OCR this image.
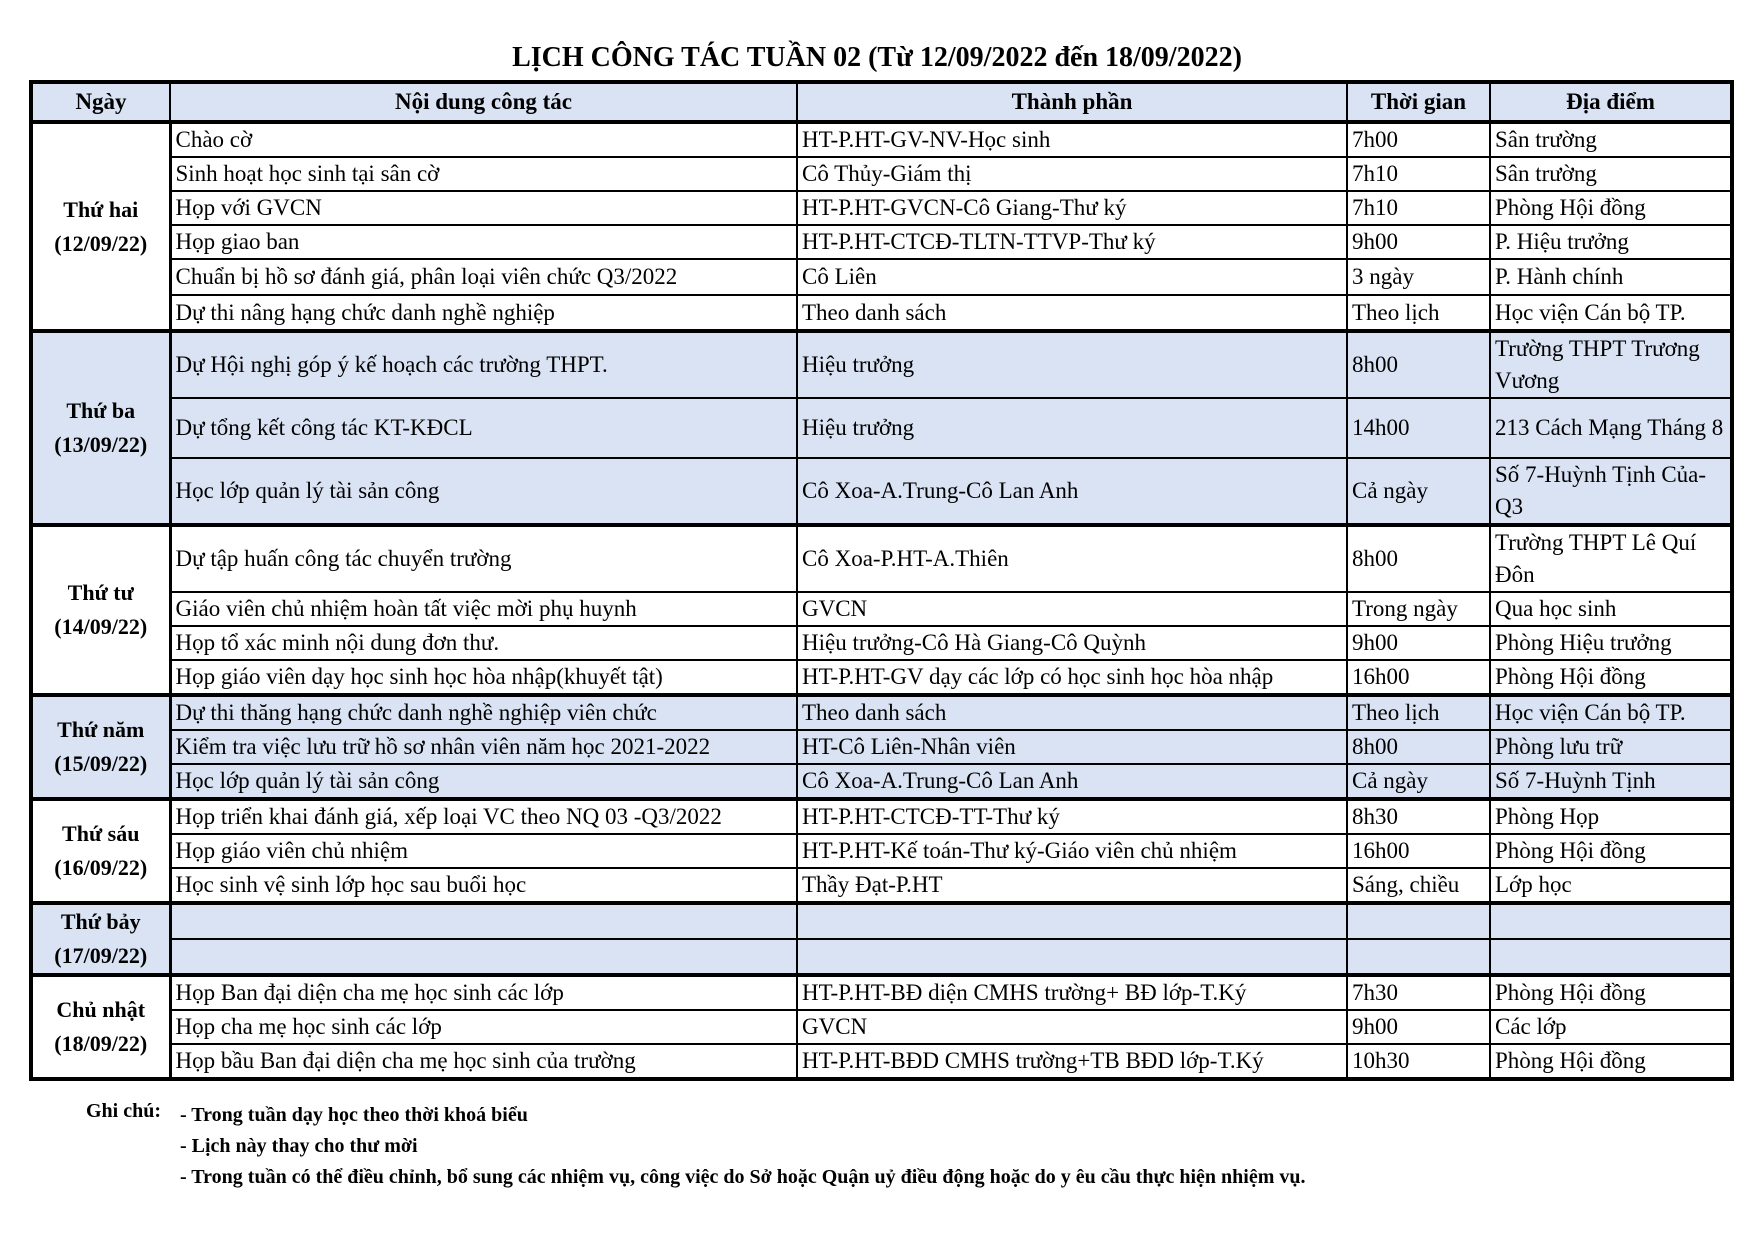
LỊCH CÔNG TÁC TUẦN 02 (Từ 12/09/2022 đến 18/09/2022)
Ngày	Nội dung công tác	Thành phần	Thời gian	Địa điểm

Thứ hai
(12/09/22)	Chào cờ	HT-P.HT-GV-NV-Học sinh	7h00	Sân trường
	Sinh hoạt học sinh tại sân cờ	Cô Thủy-Giám thị	7h10	Sân trường
	Họp với GVCN	HT-P.HT-GVCN-Cô Giang-Thư ký	7h10	Phòng Hội đồng
	Họp giao ban	HT-P.HT-CTCĐ-TLTN-TTVP-Thư ký	9h00	P. Hiệu trưởng
	Chuẩn bị hồ sơ đánh giá, phân loại viên chức Q3/2022	Cô Liên	3 ngày	P. Hành chính
	Dự thi nâng hạng chức danh nghề nghiệp	Theo danh sách	Theo lịch	Học viện Cán bộ TP.

Thứ ba
(13/09/22)	Dự Hội nghị góp ý kế hoạch các trường THPT.	Hiệu trưởng	8h00	Trường THPT Trương Vương
	Dự tổng kết công tác KT-KĐCL	Hiệu trưởng	14h00	213 Cách Mạng Tháng 8
	Học lớp quản lý tài sản công	Cô Xoa-A.Trung-Cô Lan Anh	Cả ngày	Số 7-Huỳnh Tịnh Của-Q3

Thứ tư
(14/09/22)	Dự tập huấn công tác chuyển trường	Cô Xoa-P.HT-A.Thiên	8h00	Trường THPT Lê Quí Đôn
	Giáo viên chủ nhiệm hoàn tất việc mời phụ huynh	GVCN	Trong ngày	Qua học sinh
	Họp tổ xác minh nội dung đơn thư.	Hiệu trưởng-Cô Hà Giang-Cô Quỳnh	9h00	Phòng Hiệu trưởng
	Họp giáo viên dạy học sinh học hòa nhập(khuyết tật)	HT-P.HT-GV dạy các lớp có học sinh học hòa nhập	16h00	Phòng Hội đồng

Thứ năm
(15/09/22)	Dự thi thăng hạng chức danh nghề nghiệp viên chức	Theo danh sách	Theo lịch	Học viện Cán bộ TP.
	Kiểm tra việc lưu trữ hồ sơ nhân viên năm học 2021-2022	HT-Cô Liên-Nhân viên	8h00	Phòng lưu trữ
	Học lớp quản lý tài sản công	Cô Xoa-A.Trung-Cô Lan Anh	Cả ngày	Số 7-Huỳnh Tịnh

Thứ sáu
(16/09/22)	Họp triển khai đánh giá, xếp loại VC theo NQ 03 -Q3/2022	HT-P.HT-CTCĐ-TT-Thư ký	8h30	Phòng Họp
	Họp giáo viên chủ nhiệm	HT-P.HT-Kế toán-Thư ký-Giáo viên chủ nhiệm	16h00	Phòng Hội đồng
	Học sinh vệ sinh lớp học sau buổi học	Thầy Đạt-P.HT	Sáng, chiều	Lớp học

Thứ bảy
(17/09/22)				

Chủ nhật
(18/09/22)	Họp Ban đại diện cha mẹ học sinh các lớp	HT-P.HT-BĐ diện CMHS trường+ BĐ lớp-T.Ký	7h30	Phòng Hội đồng
	Họp cha mẹ học sinh các lớp	GVCN	9h00	Các lớp
	Họp bầu Ban đại diện cha mẹ học sinh của trường	HT-P.HT-BĐD CMHS trường+TB BĐD lớp-T.Ký	10h30	Phòng Hội đồng
Ghi chú: - Trong tuần dạy học theo thời khoá biểu
- Lịch này thay cho thư mời
- Trong tuần có thể điều chỉnh, bổ sung các nhiệm vụ, công việc do Sở hoặc Quận uỷ điều động hoặc do y êu cầu thực hiện nhiệm vụ.
